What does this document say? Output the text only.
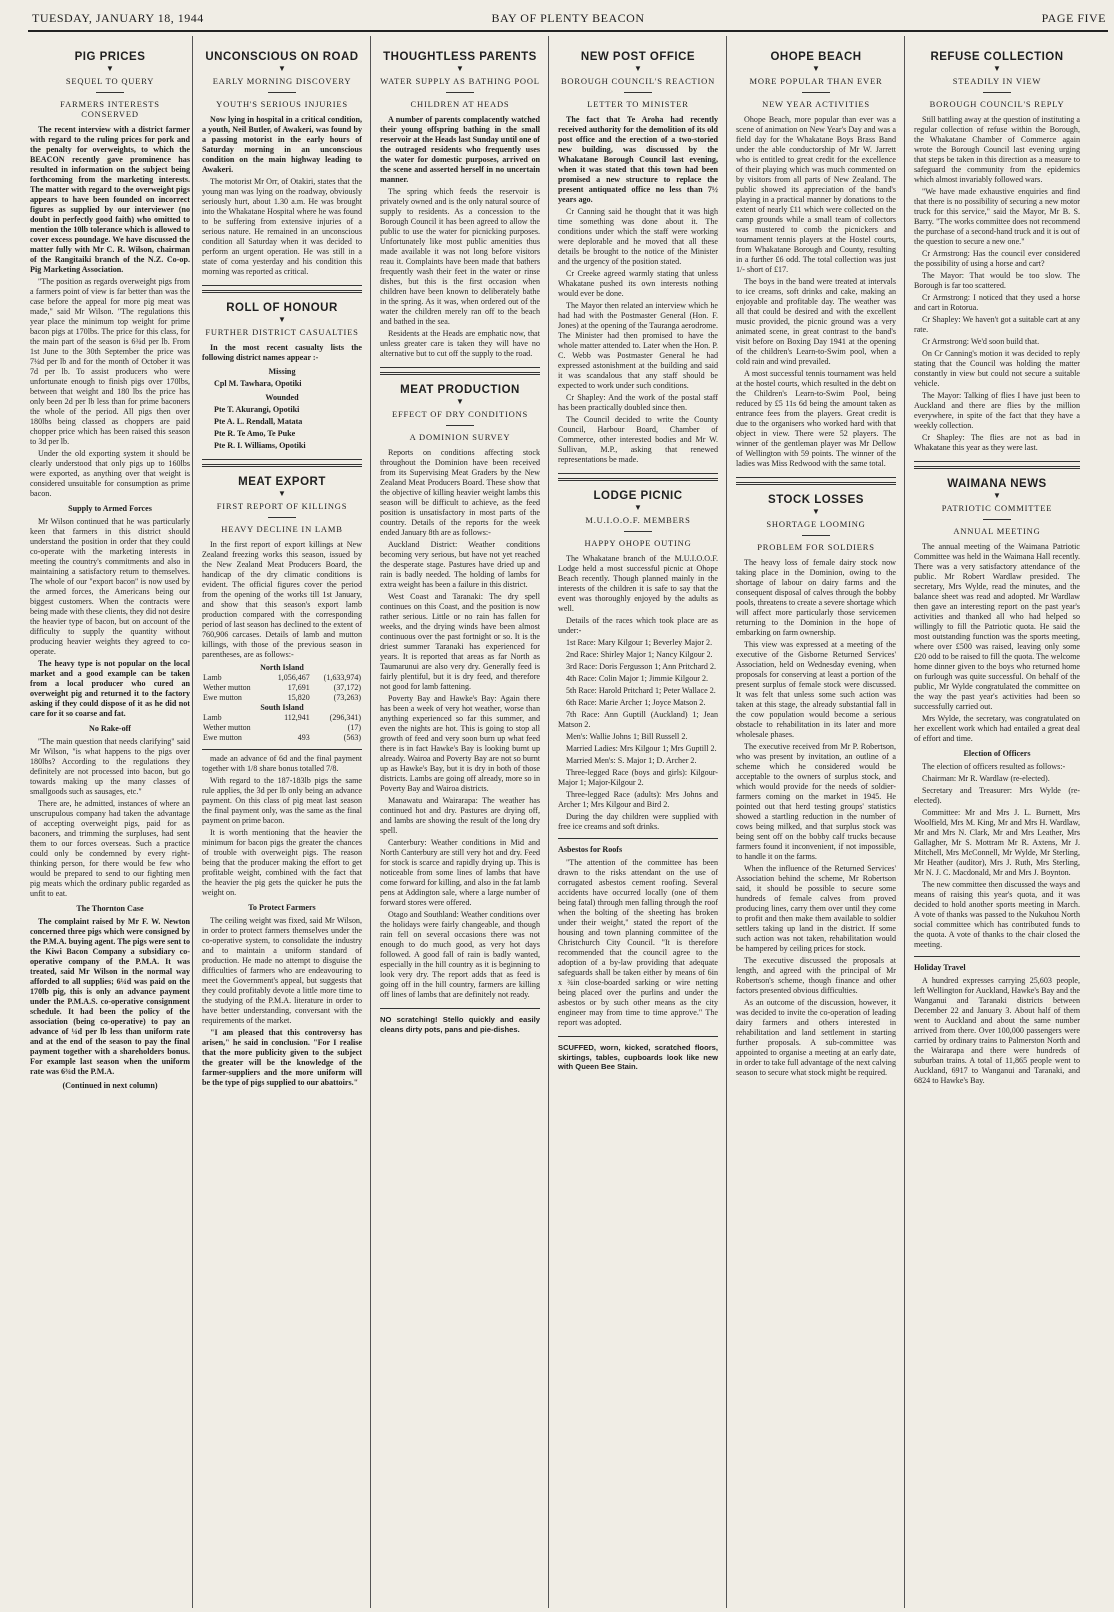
TUESDAY, JANUARY 18, 1944	BAY OF PLENTY BEACON	PAGE FIVE
PIG PRICES
▼
SEQUEL TO QUERY
FARMERS INTERESTS CONSERVED

The recent interview with a district farmer with regard to the ruling prices for pork and the penalty for overweights, to which the BEACON recently gave prominence has resulted in information on the subject being forthcoming from the marketing interests. The matter with regard to the overweight pigs appears to have been founded on incorrect figures as supplied by our interviewer (no doubt in perfectly good faith) who omitted to mention the 10lb tolerance which is allowed to cover excess poundage. We have discussed the matter fully with Mr C. R. Wilson, chairman of the Rangitaiki branch of the N.Z. Co-op. Pig Marketing Association.

"The position as regards overweight pigs from a farmers point of view is far better than was the case before the appeal for more pig meat was made," said Mr Wilson. "The regulations this year place the minimum top weight for prime bacon pigs at 170lbs. The price for this class, for the main part of the season is 6¾d per lb. From 1st June to the 30th September the price was 7¼d per lb and for the month of October it was 7d per lb. To assist producers who were unfortunate enough to finish pigs over 170lbs, between that weight and 180 lbs the price has only been 2d per lb less than for prime baconers the whole of the period. All pigs then over 180lbs being classed as choppers are paid chopper price which has been raised this season to 3d per lb.

Under the old exporting system it should be clearly understood that only pigs up to 160lbs were exported, as anything over that weight is considered unsuitable for consumption as prime bacon.

Supply to Armed Forces

Mr Wilson continued that he was particularly keen that farmers in this district should understand the position in order that they could co-operate with the marketing interests in meeting the country's commitments and also in maintaining a satisfactory return to themselves. The whole of our "export bacon" is now used by the armed forces, the Americans being our biggest customers. When the contracts were being made with these clients, they did not desire the heavier type of bacon, but on account of the difficulty to supply the quantity without producing heavier weights they agreed to co-operate.

The heavy type is not popular on the local market and a good example can be taken from a local producer who cured an overweight pig and returned it to the factory asking if they could dispose of it as he did not care for it so coarse and fat.

No Rake-off

"The main question that needs clarifying" said Mr Wilson, "is what happens to the pigs over 180lbs? According to the regulations they definitely are not processed into bacon, but go towards making up the many classes of smallgoods such as sausages, etc."

There are, he admitted, instances of where an unscrupulous company had taken the advantage of accepting overweight pigs, paid for as baconers, and trimming the surpluses, had sent them to our forces overseas. Such a practice could only be condemned by every right-thinking person, for there would be few who would be prepared to send to our fighting men pig meats which the ordinary public regarded as unfit to eat.

The Thornton Case

The complaint raised by Mr F. W. Newton concerned three pigs which were consigned by the P.M.A. buying agent. The pigs were sent to the Kiwi Bacon Company a subsidiary co-operative company of the P.M.A. It was treated, said Mr Wilson in the normal way afforded to all supplies; 6¼d was paid on the 170lb pig, this is only an advance payment under the P.M.A.S. co-operative consignment schedule. It had been the policy of the association (being co-operative) to pay an advance of ¼d per lb less than uniform rate and at the end of the season to pay the final payment together with a shareholders bonus. For example last season when the uniform rate was 6¾d the P.M.A.

(Continued in next column)

UNCONSCIOUS ON ROAD
▼
EARLY MORNING DISCOVERY
YOUTH'S SERIOUS INJURIES

Now lying in hospital in a critical condition, a youth, Neil Butler, of Awakeri, was found by a passing motorist in the early hours of Saturday morning in an unconscious condition on the main highway leading to Awakeri.

The motorist Mr Orr, of Otakiri, states that the young man was lying on the roadway, obviously seriously hurt, about 1.30 a.m. He was brought into the Whakatane Hospital where he was found to be suffering from extensive injuries of a serious nature. He remained in an unconscious condition all Saturday when it was decided to perform an urgent operation. He was still in a state of coma yesterday and his condition this morning was reported as critical.

ROLL OF HONOUR
▼
FURTHER DISTRICT CASUALTIES

In the most recent casualty lists the following district names appear :-

Missing

Cpl M. Tawhara, Opotiki

Wounded

Pte T. Akurangi, Opotiki

Pte A. L. Rendall, Matata

Pte R. Te Amo, Te Puke

Pte R. I. Williams, Opotiki

MEAT EXPORT
▼
FIRST REPORT OF KILLINGS
HEAVY DECLINE IN LAMB

In the first report of export killings at New Zealand freezing works this season, issued by the New Zealand Meat Producers Board, the handicap of the dry climatic conditions is evident. The official figures cover the period from the opening of the works till 1st January, and show that this season's export lamb production compared with the corresponding period of last season has declined to the extent of 760,906 carcases. Details of lamb and mutton killings, with those of the previous season in parentheses, are as follows:-

North Island		
Lamb	1,056,467	(1,633,974)
Wether mutton	17,691	(37,172)
Ewe mutton	15,820	(73,263)
South Island		
Lamb	112,941	(296,341)
Wether mutton		(17)
Ewe mutton	493	(563)

made an advance of 6d and the final payment together with 1/8 share bonus totalled 7/8.

With regard to the 187-183lb pigs the same rule applies, the 3d per lb only being an advance payment. On this class of pig meat last season the final payment only, was the same as the final payment on prime bacon.

It is worth mentioning that the heavier the minimum for bacon pigs the greater the chances of trouble with overweight pigs. The reason being that the producer making the effort to get profitable weight, combined with the fact that the heavier the pig gets the quicker he puts the weight on.

To Protect Farmers

The ceiling weight was fixed, said Mr Wilson, in order to protect farmers themselves under the co-operative system, to consolidate the industry and to maintain a uniform standard of production. He made no attempt to disguise the difficulties of farmers who are endeavouring to meet the Government's appeal, but suggests that they could profitably devote a little more time to the studying of the P.M.A. literature in order to have better understanding, conversant with the requirements of the market.

"I am pleased that this controversy has arisen," he said in conclusion. "For I realise that the more publicity given to the subject the greater will be the knowledge of the farmer-suppliers and the more uniform will be the type of pigs supplied to our abattoirs."

THOUGHTLESS PARENTS
▼
WATER SUPPLY AS BATHING POOL
CHILDREN AT HEADS

A number of parents complacently watched their young offspring bathing in the small reservoir at the Heads last Sunday until one of the outraged residents who frequently uses the water for domestic purposes, arrived on the scene and asserted herself in no uncertain manner.

The spring which feeds the reservoir is privately owned and is the only natural source of supply to residents. As a concession to the Borough Council it has been agreed to allow the public to use the water for picnicking purposes. Unfortunately like most public amenities thus made available it was not long before visitors reau it. Complaints have been made that bathers frequently wash their feet in the water or rinse dishes, but this is the first occasion when children have been known to deliberately bathe in the spring. As it was, when ordered out of the water the children merely ran off to the beach and bathed in the sea.

Residents at the Heads are emphatic now, that unless greater care is taken they will have no alternative but to cut off the supply to the road.

MEAT PRODUCTION
▼
EFFECT OF DRY CONDITIONS
A DOMINION SURVEY

Reports on conditions affecting stock throughout the Dominion have been received from its Supervising Meat Graders by the New Zealand Meat Producers Board. These show that the objective of killing heavier weight lambs this season will be difficult to achieve, as the feed position is unsatisfactory in most parts of the country. Details of the reports for the week ended January 8th are as follows:-

Auckland District: Weather conditions becoming very serious, but have not yet reached the desperate stage. Pastures have dried up and rain is badly needed. The holding of lambs for extra weight has been a failure in this district.

West Coast and Taranaki: The dry spell continues on this Coast, and the position is now rather serious. Little or no rain has fallen for weeks, and the drying winds have been almost continuous over the past fortnight or so. It is the driest summer Taranaki has experienced for years. It is reported that areas as far North as Taumarunui are also very dry. Generally feed is fairly plentiful, but it is dry feed, and therefore not good for lamb fattening.

Poverty Bay and Hawke's Bay: Again there has been a week of very hot weather, worse than anything experienced so far this summer, and even the nights are hot. This is going to stop all growth of feed and very soon burn up what feed there is in fact Hawke's Bay is looking burnt up already. Wairoa and Poverty Bay are not so burnt up as Hawke's Bay, but it is dry in both of those districts. Lambs are going off already, more so in Poverty Bay and Wairoa districts.

Manawatu and Wairarapa: The weather has continued hot and dry. Pastures are drying off, and lambs are showing the result of the long dry spell.

Canterbury: Weather conditions in Mid and North Canterbury are still very hot and dry. Feed for stock is scarce and rapidly drying up. This is noticeable from some lines of lambs that have come forward for killing, and also in the fat lamb pens at Addington sale, where a large number of forward stores were offered.

Otago and Southland: Weather conditions over the holidays were fairly changeable, and though rain fell on several occasions there was not enough to do much good, as very hot days followed. A good fall of rain is badly wanted, especially in the hill country as it is beginning to look very dry. The report adds that as feed is going off in the hill country, farmers are killing off lines of lambs that are definitely not ready.

NO scratching! Stello quickly and easily cleans dirty pots, pans and pie-dishes.
NEW POST OFFICE
▼
BOROUGH COUNCIL'S REACTION
LETTER TO MINISTER

The fact that Te Aroha had recently received authority for the demolition of its old post office and the erection of a two-storied new building, was discussed by the Whakatane Borough Council last evening, when it was stated that this town had been promised a new structure to replace the present antiquated office no less than 7½ years ago.

Cr Canning said he thought that it was high time something was done about it. The conditions under which the staff were working were deplorable and he moved that all these details be brought to the notice of the Minister and the urgency of the position stated.

Cr Creeke agreed warmly stating that unless Whakatane pushed its own interests nothing would ever be done.

The Mayor then related an interview which he had had with the Postmaster General (Hon. F. Jones) at the opening of the Tauranga aerodrome. The Minister had then promised to have the whole matter attended to. Later when the Hon. P. C. Webb was Postmaster General he had expressed astonishment at the building and said it was scandalous that any staff should be expected to work under such conditions.

Cr Shapley: And the work of the postal staff has been practically doubled since then.

The Council decided to write the County Council, Harbour Board, Chamber of Commerce, other interested bodies and Mr W. Sullivan, M.P., asking that renewed representations be made.

LODGE PICNIC
▼
M.U.I.O.O.F. MEMBERS
HAPPY OHOPE OUTING

The Whakatane branch of the M.U.I.O.O.F. Lodge held a most successful picnic at Ohope Beach recently. Though planned mainly in the interests of the children it is safe to say that the event was thoroughly enjoyed by the adults as well.

Details of the races which took place are as under:-

1st Race: Mary Kilgour 1; Beverley Major 2.

2nd Race: Shirley Major 1; Nancy Kilgour 2.

3rd Race: Doris Fergusson 1; Ann Pritchard 2.

4th Race: Colin Major 1; Jimmie Kilgour 2.

5th Race: Harold Pritchard 1; Peter Wallace 2.

6th Race: Marie Archer 1; Joyce Matson 2.

7th Race: Ann Guptill (Auckland) 1; Jean Matson 2.

Men's: Wallie Johns 1; Bill Russell 2.

Married Ladies: Mrs Kilgour 1; Mrs Guptill 2.

Married Men's: S. Major 1; D. Archer 2.

Three-legged Race (boys and girls): Kilgour-Major 1; Major-Kilgour 2.

Three-legged Race (adults): Mrs Johns and Archer 1; Mrs Kilgour and Bird 2.

During the day children were supplied with free ice creams and soft drinks.

Asbestos for Roofs

"The attention of the committee has been drawn to the risks attendant on the use of corrugated asbestos cement roofing. Several accidents have occurred locally (one of them being fatal) through men falling through the roof when the bolting of the sheeting has broken under their weight," stated the report of the housing and town planning committee of the Christchurch City Council. "It is therefore recommended that the council agree to the adoption of a by-law providing that adequate safeguards shall be taken either by means of 6in x ¾in close-boarded sarking or wire netting being placed over the purlins and under the asbestos or by such other means as the city engineer may from time to time approve." The report was adopted.

SCUFFED, worn, kicked, scratched floors, skirtings, tables, cupboards look like new with Queen Bee Stain.
OHOPE BEACH
▼
MORE POPULAR THAN EVER
NEW YEAR ACTIVITIES

Ohope Beach, more popular than ever was a scene of animation on New Year's Day and was a field day for the Whakatane Boys Brass Band under the able conductorship of Mr W. Jarrett who is entitled to great credit for the excellence of their playing which was much commented on by visitors from all parts of New Zealand. The public showed its appreciation of the band's playing in a practical manner by donations to the extent of nearly £11 which were collected on the camp grounds while a small team of collectors was mustered to comb the picnickers and tournament tennis players at the Hostel courts, from Whakatane Borough and County, resulting in a further £6 odd. The total collection was just 1/- short of £17.

The boys in the band were treated at intervals to ice creams, soft drinks and cake, making an enjoyable and profitable day. The weather was all that could be desired and with the excellent music provided, the picnic ground was a very animated scene, in great contrast to the band's visit before on Boxing Day 1941 at the opening of the children's Learn-to-Swim pool, when a cold rain and wind prevailed.

A most successful tennis tournament was held at the hostel courts, which resulted in the debt on the Children's Learn-to-Swim Pool, being reduced by £5 11s 6d being the amount taken as entrance fees from the players. Great credit is due to the organisers who worked hard with that object in view. There were 52 players. The winner of the gentleman player was Mr Dellow of Wellington with 59 points. The winner of the ladies was Miss Redwood with the same total.

STOCK LOSSES
▼
SHORTAGE LOOMING
PROBLEM FOR SOLDIERS

The heavy loss of female dairy stock now taking place in the Dominion, owing to the shortage of labour on dairy farms and the consequent disposal of calves through the bobby pools, threatens to create a severe shortage which will affect more particularly those servicemen returning to the Dominion in the hope of embarking on farm ownership.

This view was expressed at a meeting of the executive of the Gisborne Returned Services' Association, held on Wednesday evening, when proposals for conserving at least a portion of the present surplus of female stock were discussed. It was felt that unless some such action was taken at this stage, the already substantial fall in the cow population would become a serious obstacle to rehabilitation in its later and more wholesale phases.

The executive received from Mr P. Robertson, who was present by invitation, an outline of a scheme which he considered would be acceptable to the owners of surplus stock, and which would provide for the needs of soldier-farmers coming on the market in 1945. He pointed out that herd testing groups' statistics showed a startling reduction in the number of cows being milked, and that surplus stock was being sent off on the bobby calf trucks because farmers found it inconvenient, if not impossible, to handle it on the farms.

When the influence of the Returned Services' Association behind the scheme, Mr Robertson said, it should be possible to secure some hundreds of female calves from proved producing lines, carry them over until they come to profit and then make them available to soldier settlers taking up land in the district. If some such action was not taken, rehabilitation would be hampered by ceiling prices for stock.

The executive discussed the proposals at length, and agreed with the principal of Mr Robertson's scheme, though finance and other factors presented obvious difficulties.

As an outcome of the discussion, however, it was decided to invite the co-operation of leading dairy farmers and others interested in rehabilitation and land settlement in starting further proposals. A sub-committee was appointed to organise a meeting at an early date, in order to take full advantage of the next calving season to secure what stock might be required.

REFUSE COLLECTION
▼
STEADILY IN VIEW
BOROUGH COUNCIL'S REPLY

Still battling away at the question of instituting a regular collection of refuse within the Borough, the Whakatane Chamber of Commerce again wrote the Borough Council last evening urging that steps be taken in this direction as a measure to safeguard the community from the epidemics which almost invariably followed wars.

"We have made exhaustive enquiries and find that there is no possibility of securing a new motor truck for this service," said the Mayor, Mr B. S. Barry. "The works committee does not recommend the purchase of a second-hand truck and it is out of the question to secure a new one."

Cr Armstrong: Has the council ever considered the possibility of using a horse and cart?

The Mayor: That would be too slow. The Borough is far too scattered.

Cr Armstrong: I noticed that they used a horse and cart in Rotorua.

Cr Shapley: We haven't got a suitable cart at any rate.

Cr Armstrong: We'd soon build that.

On Cr Canning's motion it was decided to reply stating that the Council was holding the matter constantly in view but could not secure a suitable vehicle.

The Mayor: Talking of flies I have just been to Auckland and there are flies by the million everywhere, in spite of the fact that they have a weekly collection.

Cr Shapley: The flies are not as bad in Whakatane this year as they were last.

WAIMANA NEWS
▼
PATRIOTIC COMMITTEE
ANNUAL MEETING

The annual meeting of the Waimana Patriotic Committee was held in the Waimana Hall recently. There was a very satisfactory attendance of the public. Mr Robert Wardlaw presided. The secretary, Mrs Wylde, read the minutes, and the balance sheet was read and adopted. Mr Wardlaw then gave an interesting report on the past year's activities and thanked all who had helped so willingly to fill the Patriotic quota. He said the most outstanding function was the sports meeting, where over £500 was raised, leaving only some £20 odd to be raised to fill the quota. The welcome home dinner given to the boys who returned home on furlough was quite successful. On behalf of the public, Mr Wylde congratulated the committee on the way the past year's activities had been so successfully carried out.

Mrs Wylde, the secretary, was congratulated on her excellent work which had entailed a great deal of effort and time.

Election of Officers

The election of officers resulted as follows:-

Chairman: Mr R. Wardlaw (re-elected).

Secretary and Treasurer: Mrs Wylde (re-elected).

Committee: Mr and Mrs J. L. Burnett, Mrs Woolfield, Mrs M. King, Mr and Mrs H. Wardlaw, Mr and Mrs N. Clark, Mr and Mrs Leather, Mrs Gallagher, Mr S. Mottram Mr R. Axtens, Mr J. Mitchell, Mrs McConnell, Mr Wylde, Mr Sterling, Mr Heather (auditor), Mrs J. Ruth, Mrs Sterling, Mr N. J. C. Macdonald, Mr and Mrs J. Boynton.

The new committee then discussed the ways and means of raising this year's quota, and it was decided to hold another sports meeting in March. A vote of thanks was passed to the Nukuhou North social committee which has contributed funds to the quota. A vote of thanks to the chair closed the meeting.

Holiday Travel

A hundred expresses carrying 25,603 people, left Wellington for Auckland, Hawke's Bay and the Wanganui and Taranaki districts between December 22 and January 3. About half of them went to Auckland and about the same number arrived from there. Over 100,000 passengers were carried by ordinary trains to Palmerston North and the Wairarapa and there were hundreds of suburban trains. A total of 11,865 people went to Auckland, 6917 to Wanganui and Taranaki, and 6824 to Hawke's Bay.
